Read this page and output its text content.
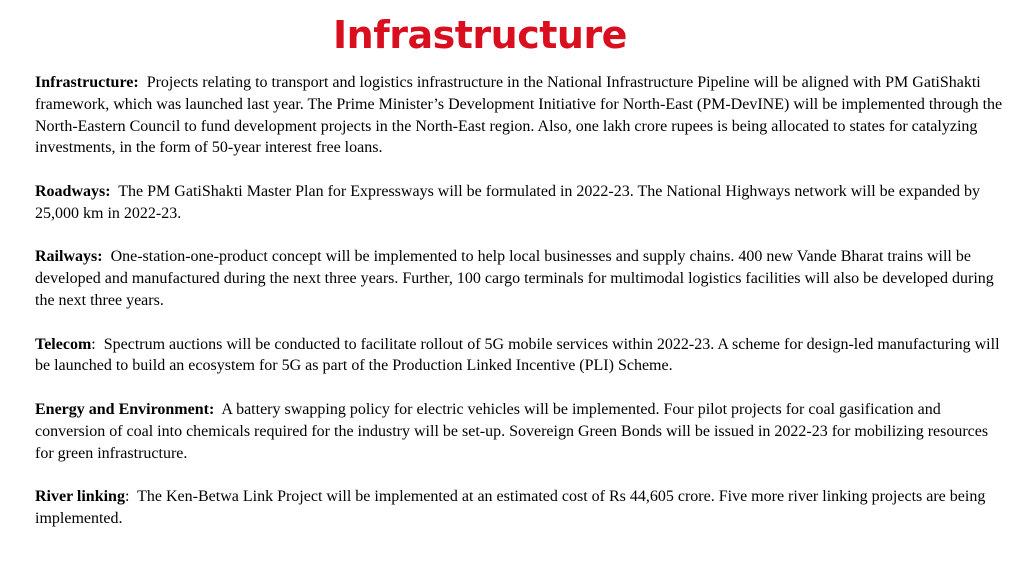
Infrastructure

Infrastructure: Projects relating to transport and logistics infrastructure in the National Infrastructure Pipeline will be aligned with PM GatiShakti framework, which was launched last year. The Prime Minister’s Development Initiative for North-East (PM-DevINE) will be implemented through the North-Eastern Council to fund development projects in the North-East region. Also, one lakh crore rupees is being allocated to states for catalyzing investments, in the form of 50-year interest free loans.

Roadways: The PM GatiShakti Master Plan for Expressways will be formulated in 2022-23. The National Highways network will be expanded by 25,000 km in 2022-23.

Railways: One-station-one-product concept will be implemented to help local businesses and supply chains. 400 new Vande Bharat trains will be developed and manufactured during the next three years. Further, 100 cargo terminals for multimodal logistics facilities will also be developed during the next three years.

Telecom:  Spectrum auctions will be conducted to facilitate rollout of 5G mobile services within 2022-23. A scheme for design-led manufacturing will be launched to build an ecosystem for 5G as part of the Production Linked Incentive (PLI) Scheme.

Energy and Environment: A battery swapping policy for electric vehicles will be implemented. Four pilot projects for coal gasification and conversion of coal into chemicals required for the industry will be set-up. Sovereign Green Bonds will be issued in 2022-23 for mobilizing resources for green infrastructure.

River linking:  The Ken-Betwa Link Project will be implemented at an estimated cost of Rs 44,605 crore. Five more river linking projects are being implemented.
